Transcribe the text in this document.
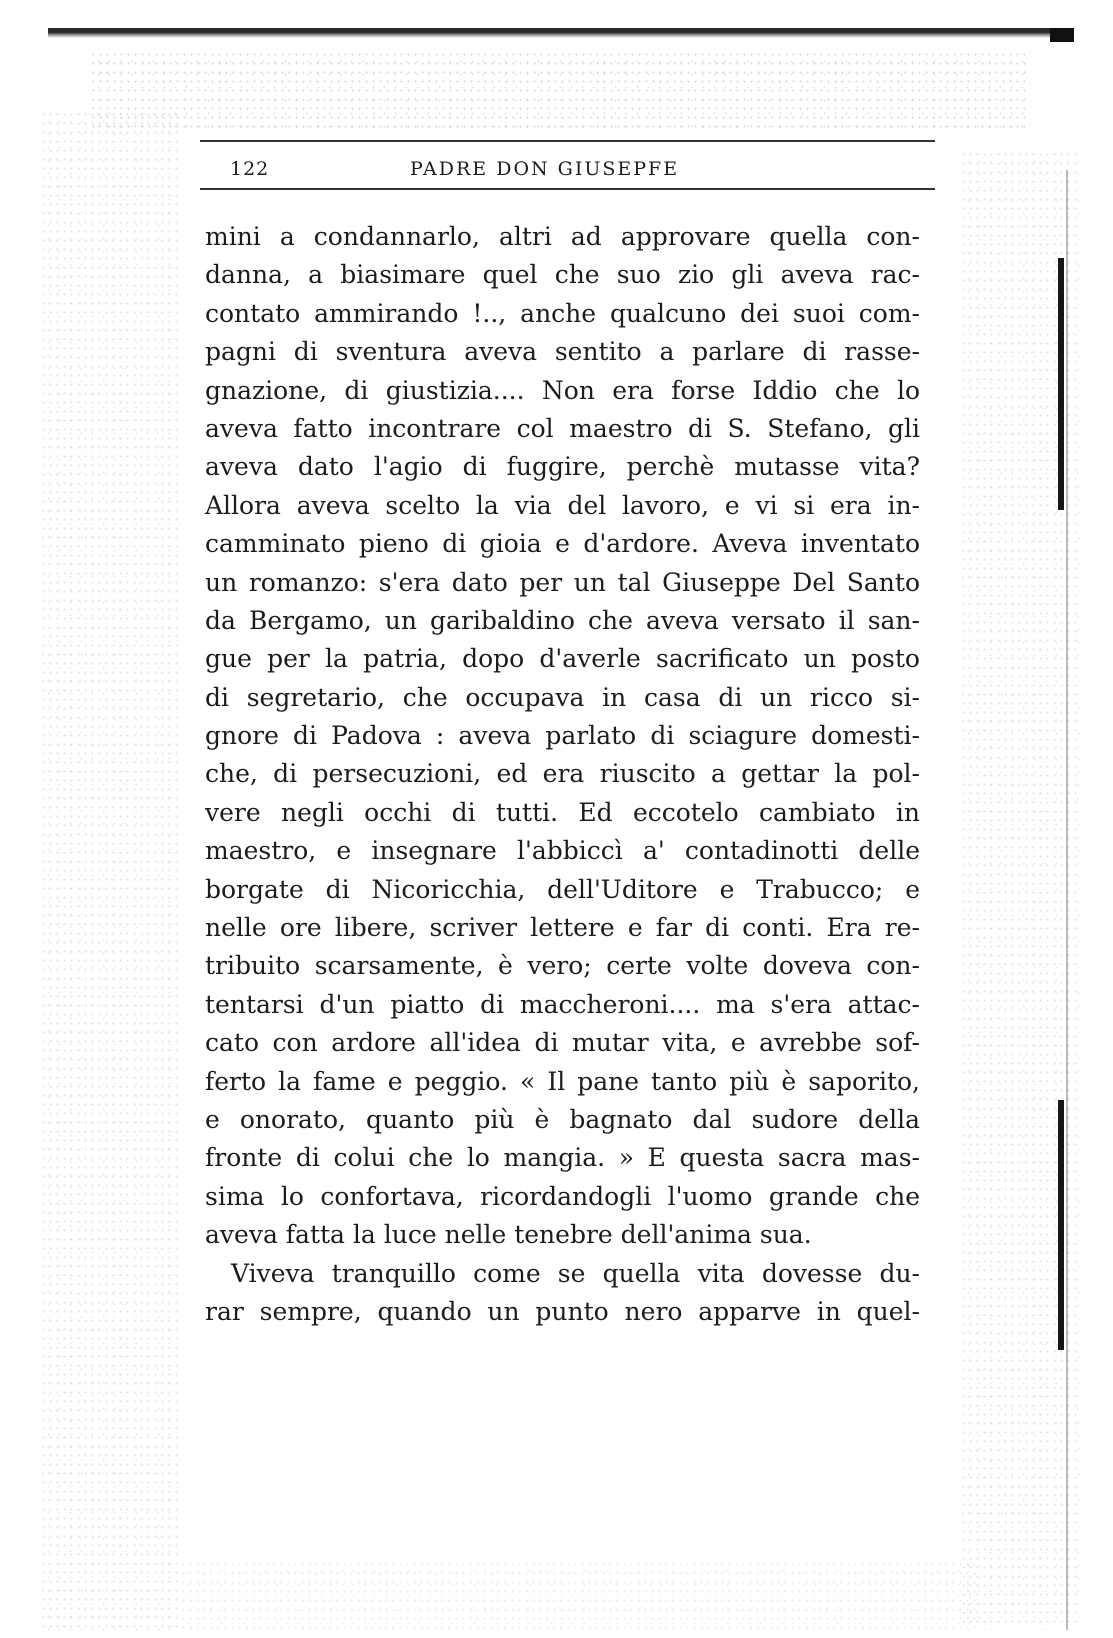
122	PADRE DON GIUSEPFE
mini a condannarlo, altri ad approvare quella con-
danna, a biasimare quel che suo zio gli aveva rac-
contato ammirando !.., anche qualcuno dei suoi com-
pagni di sventura aveva sentito a parlare di rasse-
gnazione, di giustizia.... Non era forse Iddio che lo
aveva fatto incontrare col maestro di S. Stefano, gli
aveva dato l'agio di fuggire, perchè mutasse vita?
Allora aveva scelto la via del lavoro, e vi si era in-
camminato pieno di gioia e d'ardore. Aveva inventato
un romanzo: s'era dato per un tal Giuseppe Del Santo
da Bergamo, un garibaldino che aveva versato il san-
gue per la patria, dopo d'averle sacrificato un posto
di segretario, che occupava in casa di un ricco si-
gnore di Padova : aveva parlato di sciagure domesti-
che, di persecuzioni, ed era riuscito a gettar la pol-
vere negli occhi di tutti. Ed eccotelo cambiato in
maestro, e insegnare l'abbiccì a' contadinotti delle
borgate di Nicoricchia, dell'Uditore e Trabucco; e
nelle ore libere, scriver lettere e far di conti. Era re-
tribuito scarsamente, è vero; certe volte doveva con-
tentarsi d'un piatto di maccheroni.... ma s'era attac-
cato con ardore all'idea di mutar vita, e avrebbe sof-
ferto la fame e peggio. « Il pane tanto più è saporito,
e onorato, quanto più è bagnato dal sudore della
fronte di colui che lo mangia. » E questa sacra mas-
sima lo confortava, ricordandogli l'uomo grande che
aveva fatta la luce nelle tenebre dell'anima sua.
Viveva tranquillo come se quella vita dovesse du-
rar sempre, quando un punto nero apparve in quel-
